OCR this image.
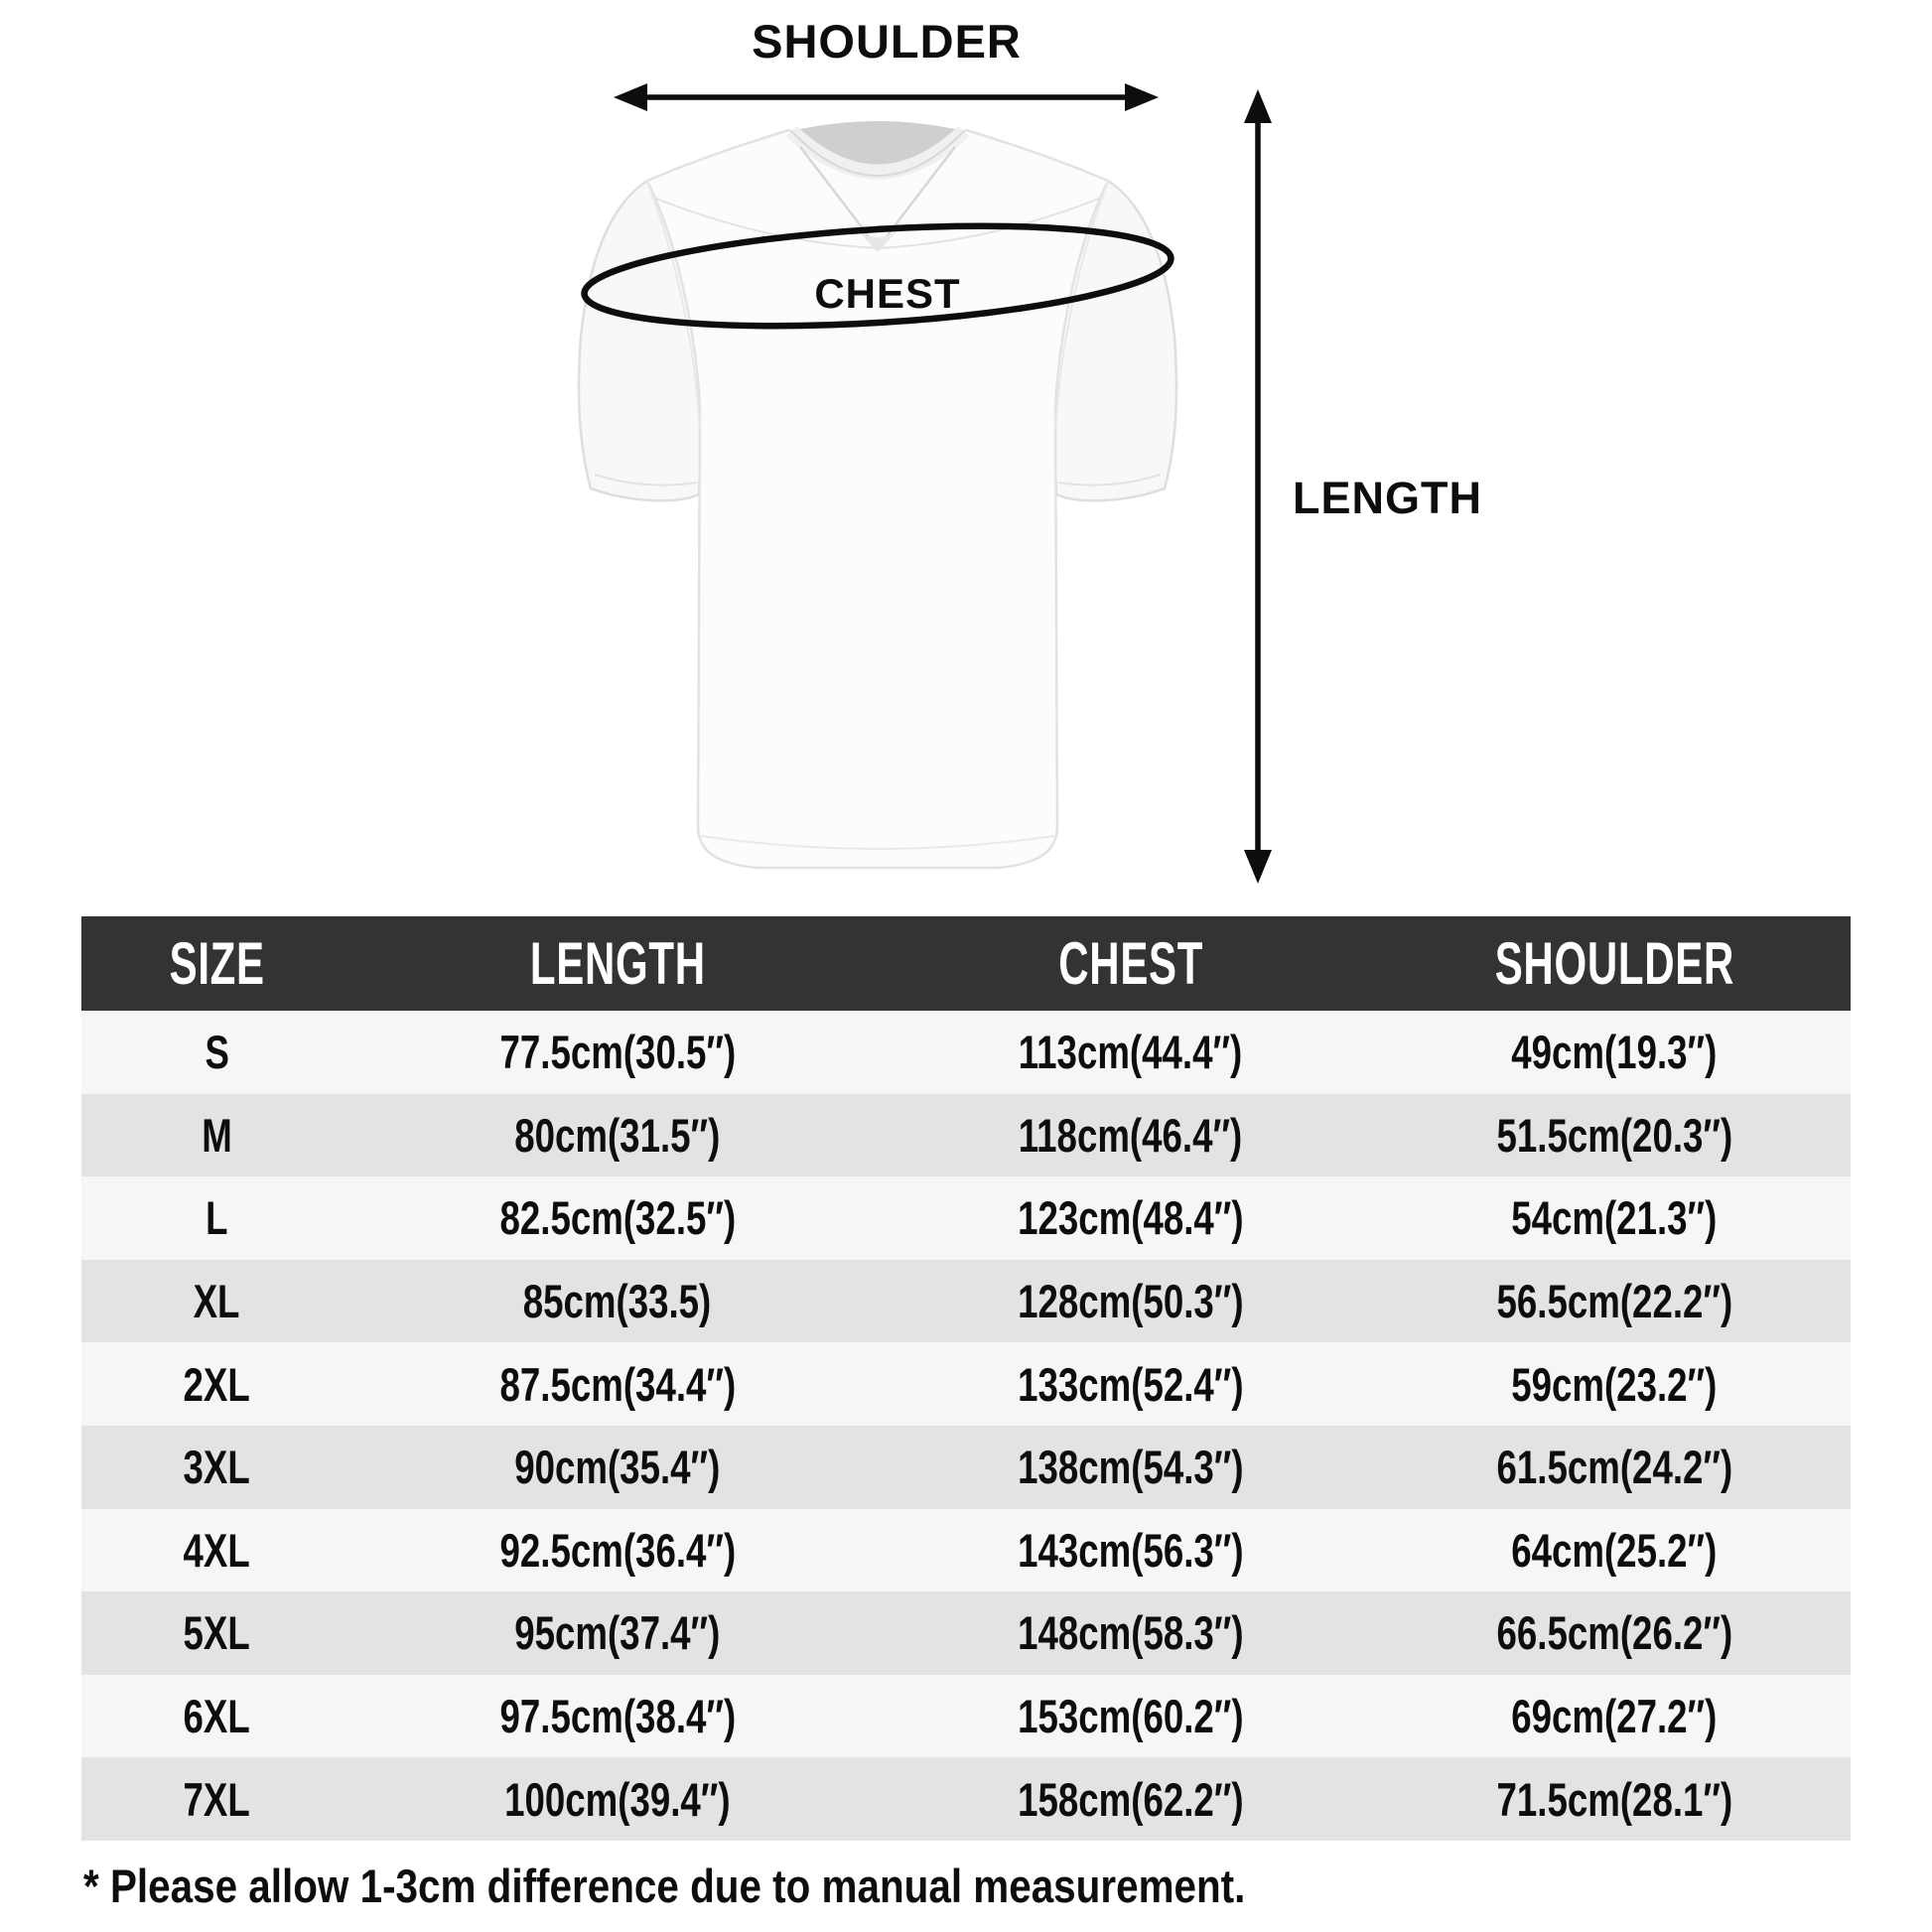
SHOULDER
CHEST
LENGTH
SIZE	LENGTH	CHEST	SHOULDER
S	77.5cm(30.5″)	113cm(44.4″)	49cm(19.3″)
M	80cm(31.5″)	118cm(46.4″)	51.5cm(20.3″)
L	82.5cm(32.5″)	123cm(48.4″)	54cm(21.3″)
XL	85cm(33.5)	128cm(50.3″)	56.5cm(22.2″)
2XL	87.5cm(34.4″)	133cm(52.4″)	59cm(23.2″)
3XL	90cm(35.4″)	138cm(54.3″)	61.5cm(24.2″)
4XL	92.5cm(36.4″)	143cm(56.3″)	64cm(25.2″)
5XL	95cm(37.4″)	148cm(58.3″)	66.5cm(26.2″)
6XL	97.5cm(38.4″)	153cm(60.2″)	69cm(27.2″)
7XL	100cm(39.4″)	158cm(62.2″)	71.5cm(28.1″)
* Please allow 1-3cm difference due to manual measurement.
